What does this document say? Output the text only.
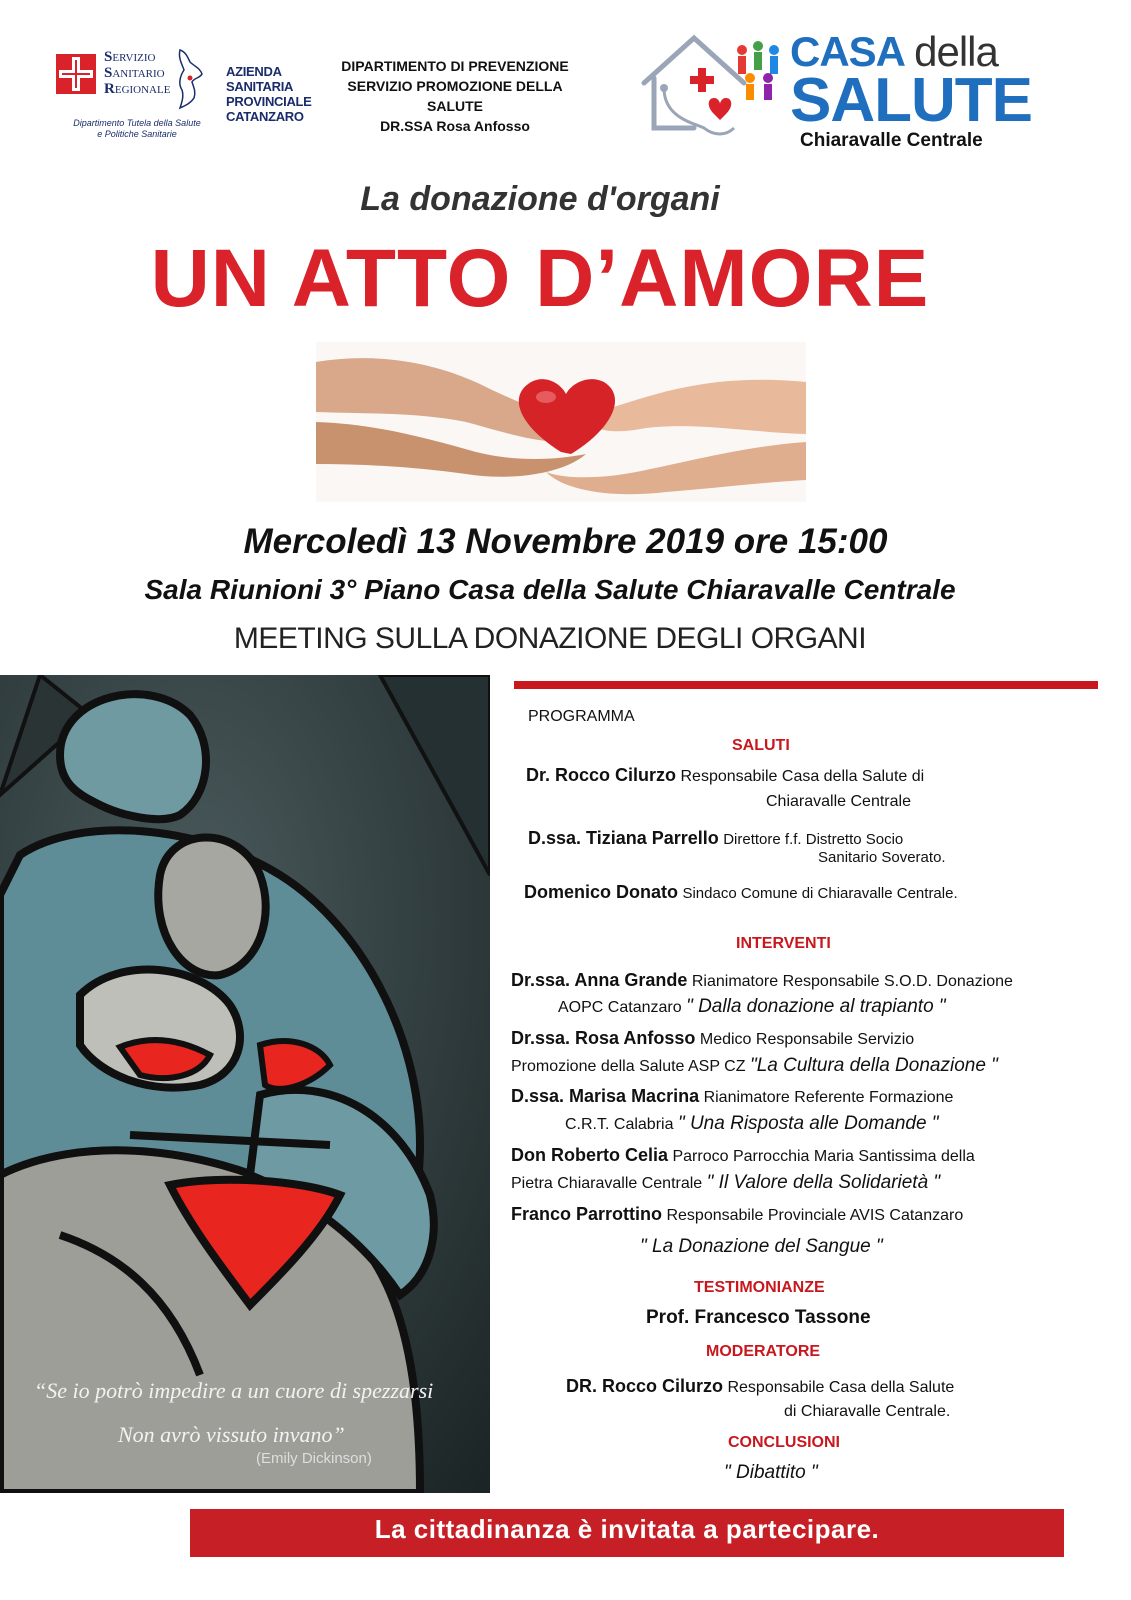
SERVIZIO
SANITARIO
REGIONALE
Dipartimento Tutela della Salute
e Politiche Sanitarie
AZIENDA
SANITARIA
PROVINCIALE
CATANZARO
DIPARTIMENTO DI PREVENZIONE
SERVIZIO PROMOZIONE DELLA
SALUTE
DR.SSA Rosa Anfosso
CASA della
SALUTE
Chiaravalle Centrale
La donazione d'organi
UN ATTO D’AMORE
Mercoledì 13 Novembre 2019 ore 15:00
Sala Riunioni 3° Piano Casa della Salute Chiaravalle Centrale
MEETING SULLA DONAZIONE DEGLI ORGANI
“Se io potrò impedire a un cuore di spezzarsi
Non avrò vissuto invano”
(Emily Dickinson)
PROGRAMMA
SALUTI
Dr. Rocco Cilurzo Responsabile Casa della Salute di
Chiaravalle Centrale
D.ssa. Tiziana Parrello Direttore f.f. Distretto Socio
Sanitario Soverato.
Domenico Donato Sindaco Comune di Chiaravalle Centrale.
INTERVENTI
Dr.ssa. Anna Grande Rianimatore Responsabile S.O.D. Donazione
AOPC Catanzaro " Dalla donazione al trapianto "
Dr.ssa. Rosa Anfosso Medico Responsabile Servizio
Promozione della Salute ASP CZ "La Cultura della Donazione "
D.ssa. Marisa Macrina Rianimatore Referente Formazione
C.R.T. Calabria " Una Risposta alle Domande "
Don Roberto Celia Parroco Parrocchia Maria Santissima della
Pietra Chiaravalle Centrale " Il Valore della Solidarietà "
Franco Parrottino Responsabile Provinciale AVIS Catanzaro
" La Donazione del Sangue "
TESTIMONIANZE
Prof. Francesco Tassone
MODERATORE
DR. Rocco Cilurzo Responsabile Casa della Salute
di Chiaravalle Centrale.
CONCLUSIONI
" Dibattito "
La cittadinanza è invitata a partecipare.
